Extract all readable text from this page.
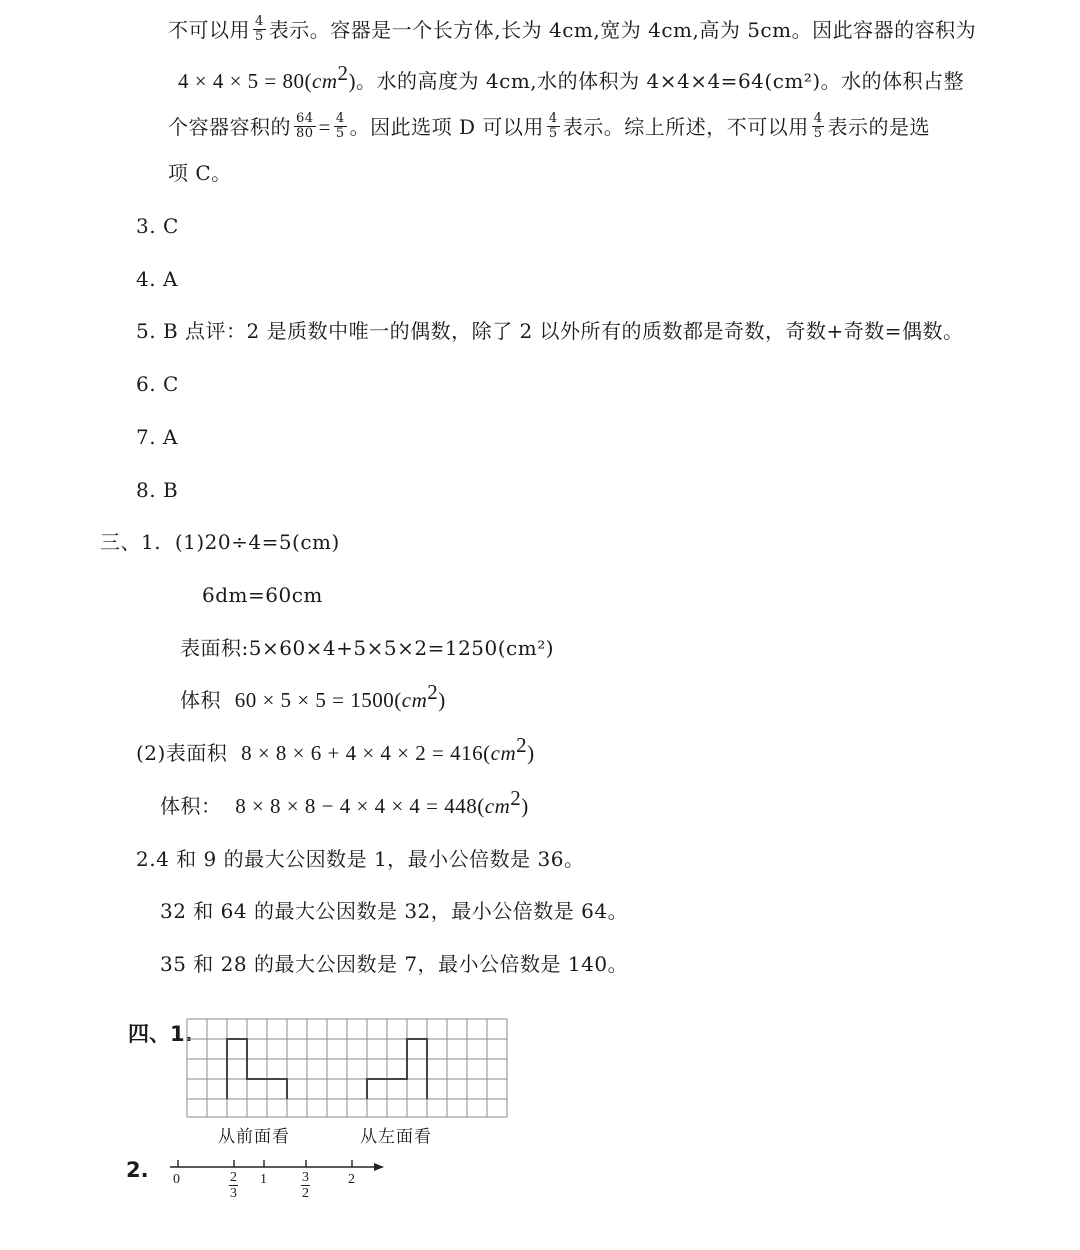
不可以用 $\frac{4}{5}$ 表示。容器是一个长方体,长为 4cm,宽为 4cm,高为 5cm。因此容器的容积为
$4 \times 4 \times 5 = 80(cm^2)$。水的高度为 4cm,水的体积为 4×4×4=64(cm²)。水的体积占整
个容器容积的 $\frac{64}{80} = \frac{4}{5}$ 。因此选项 D 可以用 $\frac{4}{5}$ 表示。综上所述，不可以用 $\frac{4}{5}$ 表示的是选
项 C。
3. C
4. A
5. B 点评：2 是质数中唯一的偶数，除了 2 以外所有的质数都是奇数，奇数+奇数=偶数。
6. C
7. A
8. B
三、1. (1)20÷4=5(cm)
6dm=60cm
表面积:5×60×4+5×5×2=1250(cm²)
体积 $60 \times 5 \times 5 = 1500(cm^2)$
(2)表面积 $8 \times 8 \times 6 + 4 \times 4 \times 2 = 416(cm^2)$
体积： $8 \times 8 \times 8 - 4 \times 4 \times 4 = 448(cm^2)$
2.4 和 9 的最大公因数是 1，最小公倍数是 36。
32 和 64 的最大公因数是 32，最小公倍数是 64。
35 和 28 的最大公因数是 7，最小公倍数是 140。
四、1.
从前面看	从左面看
2. 0	1	2
$\frac{2}{3}$	$\frac{3}{2}$
